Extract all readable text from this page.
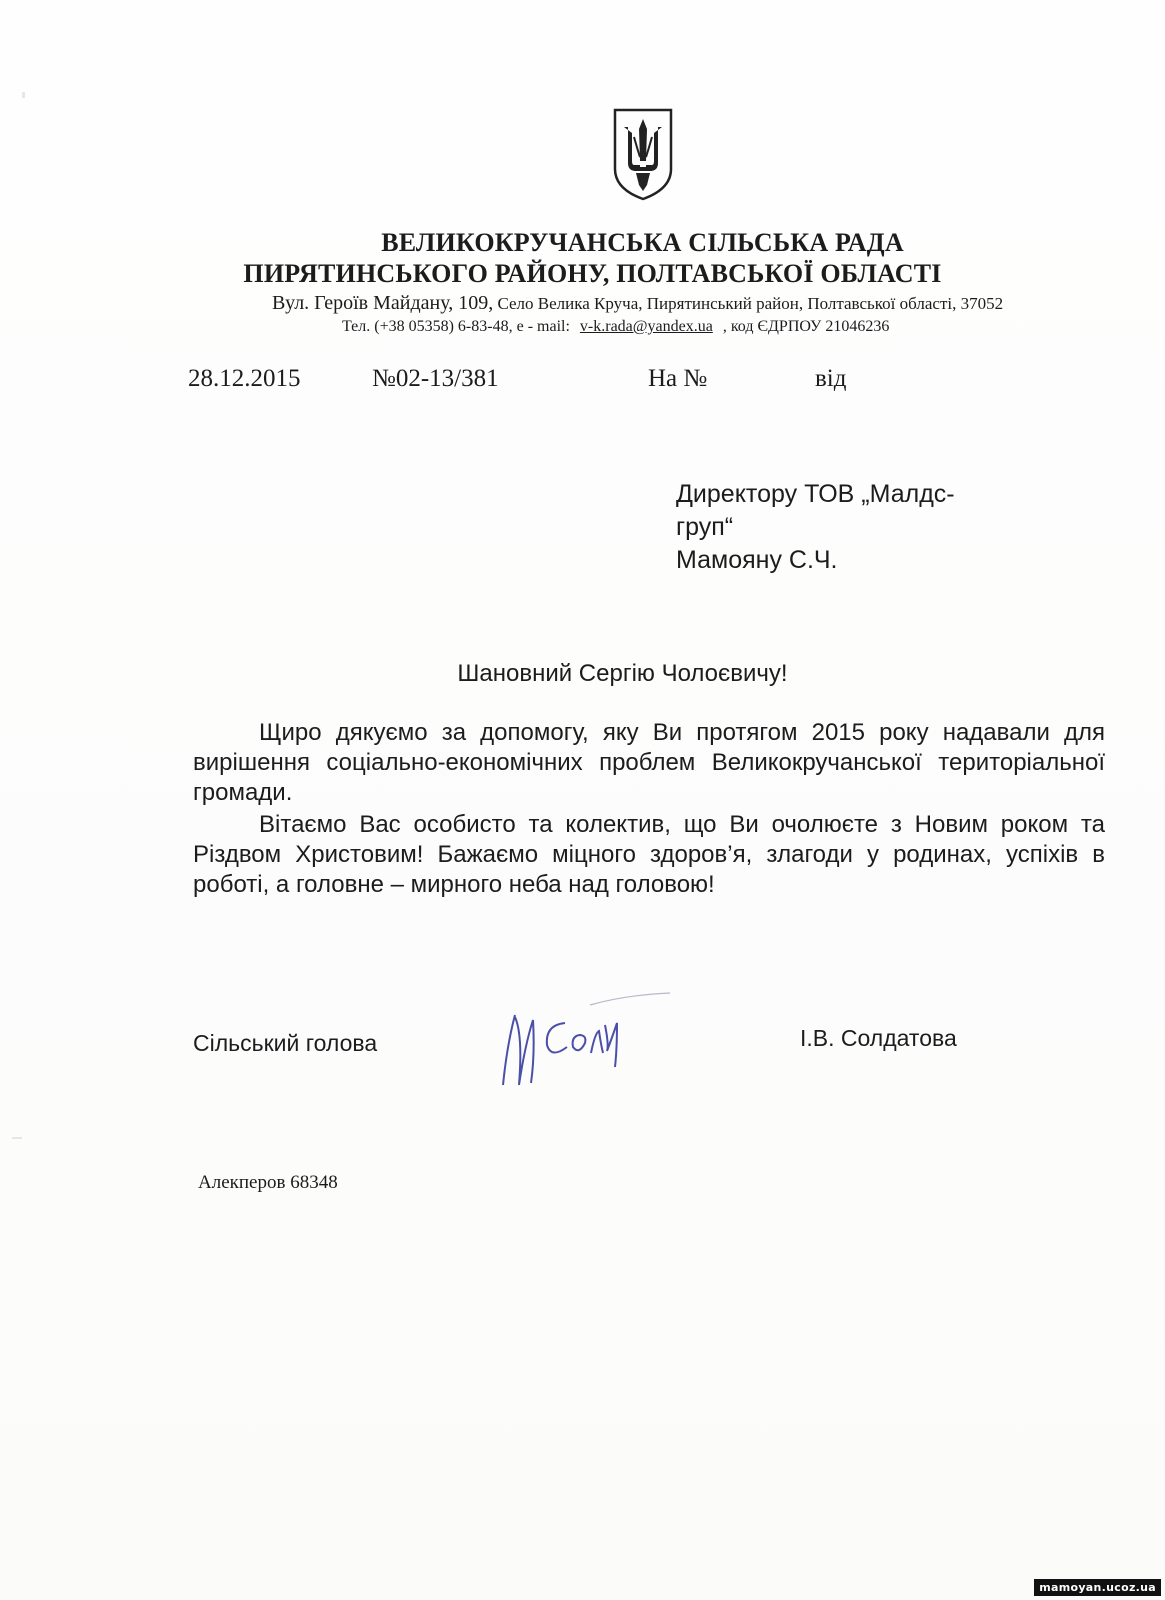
ВЕЛИКОКРУЧАНСЬКА СІЛЬСЬКА РАДА
ПИРЯТИНСЬКОГО РАЙОНУ, ПОЛТАВСЬКОЇ ОБЛАСТІ
Вул. Героїв Майдану, 109, Село Велика Круча, Пирятинський район, Полтавської області, 37052
Тел. (+38 05358) 6-83-48, e - mail: v-k.rada@yandex.ua , код ЄДРПОУ 21046236
28.12.2015	№02-13/381	На №	від
Директору ТОВ „Малдс-
груп“
Мамояну С.Ч.
Шановний Сергію Чолоєвичу!

Щиро дякуємо за допомогу, яку Ви протягом 2015 року надавали для вирішення соціально-економічних проблем Великокручанської територіальної громади.

Вітаємо Вас особисто та колектив, що Ви очолюєте з Новим роком та Різдвом Христовим! Бажаємо міцного здоров’я, злагоди у родинах, успіхів в роботі, а головне – мирного неба над головою!

Сільський голова	І.В. Солдатова
Алекперов 68348
mamoyan.ucoz.ua
